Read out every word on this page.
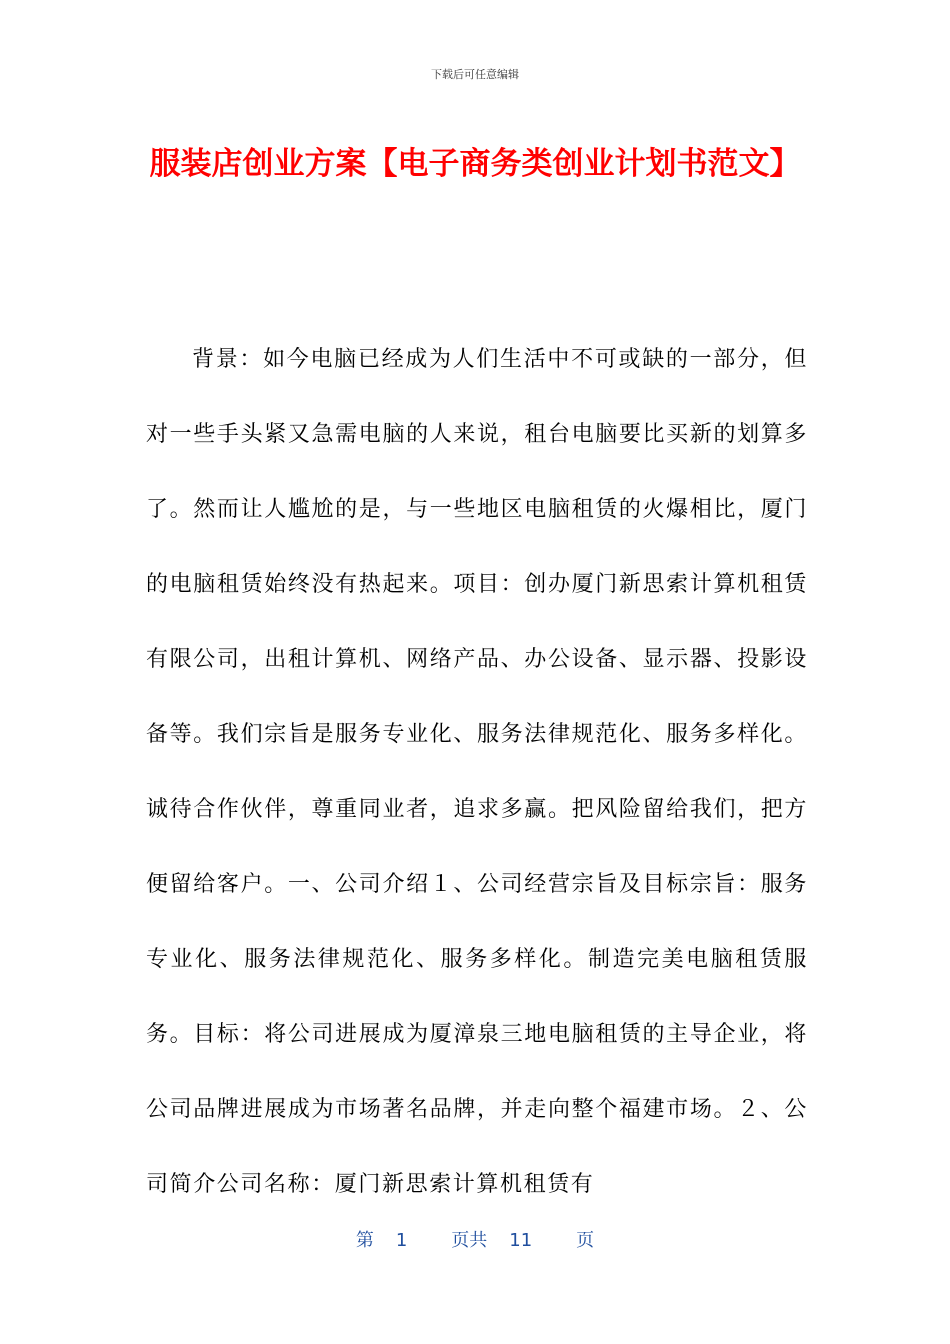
下载后可任意编辑
服装店创业方案【电子商务类创业计划书范文】

背景：如今电脑已经成为人们生活中不可或缺的一部分，但对一些手头紧又急需电脑的人来说，租台电脑要比买新的划算多了。然而让人尴尬的是，与一些地区电脑租赁的火爆相比，厦门的电脑租赁始终没有热起来。项目：创办厦门新思索计算机租赁有限公司，出租计算机、网络产品、办公设备、显示器、投影设备等。我们宗旨是服务专业化、服务法律规范化、服务多样化。诚待合作伙伴，尊重同业者，追求多赢。把风险留给我们，把方便留给客户。一、公司介绍１、公司经营宗旨及目标宗旨：服务专业化、服务法律规范化、服务多样化。制造完美电脑租赁服务。目标：将公司进展成为厦漳泉三地电脑租赁的主导企业，将公司品牌进展成为市场著名品牌，并走向整个福建市场。２、公司简介公司名称：厦门新思索计算机租赁有

第 1 页共 11 页
